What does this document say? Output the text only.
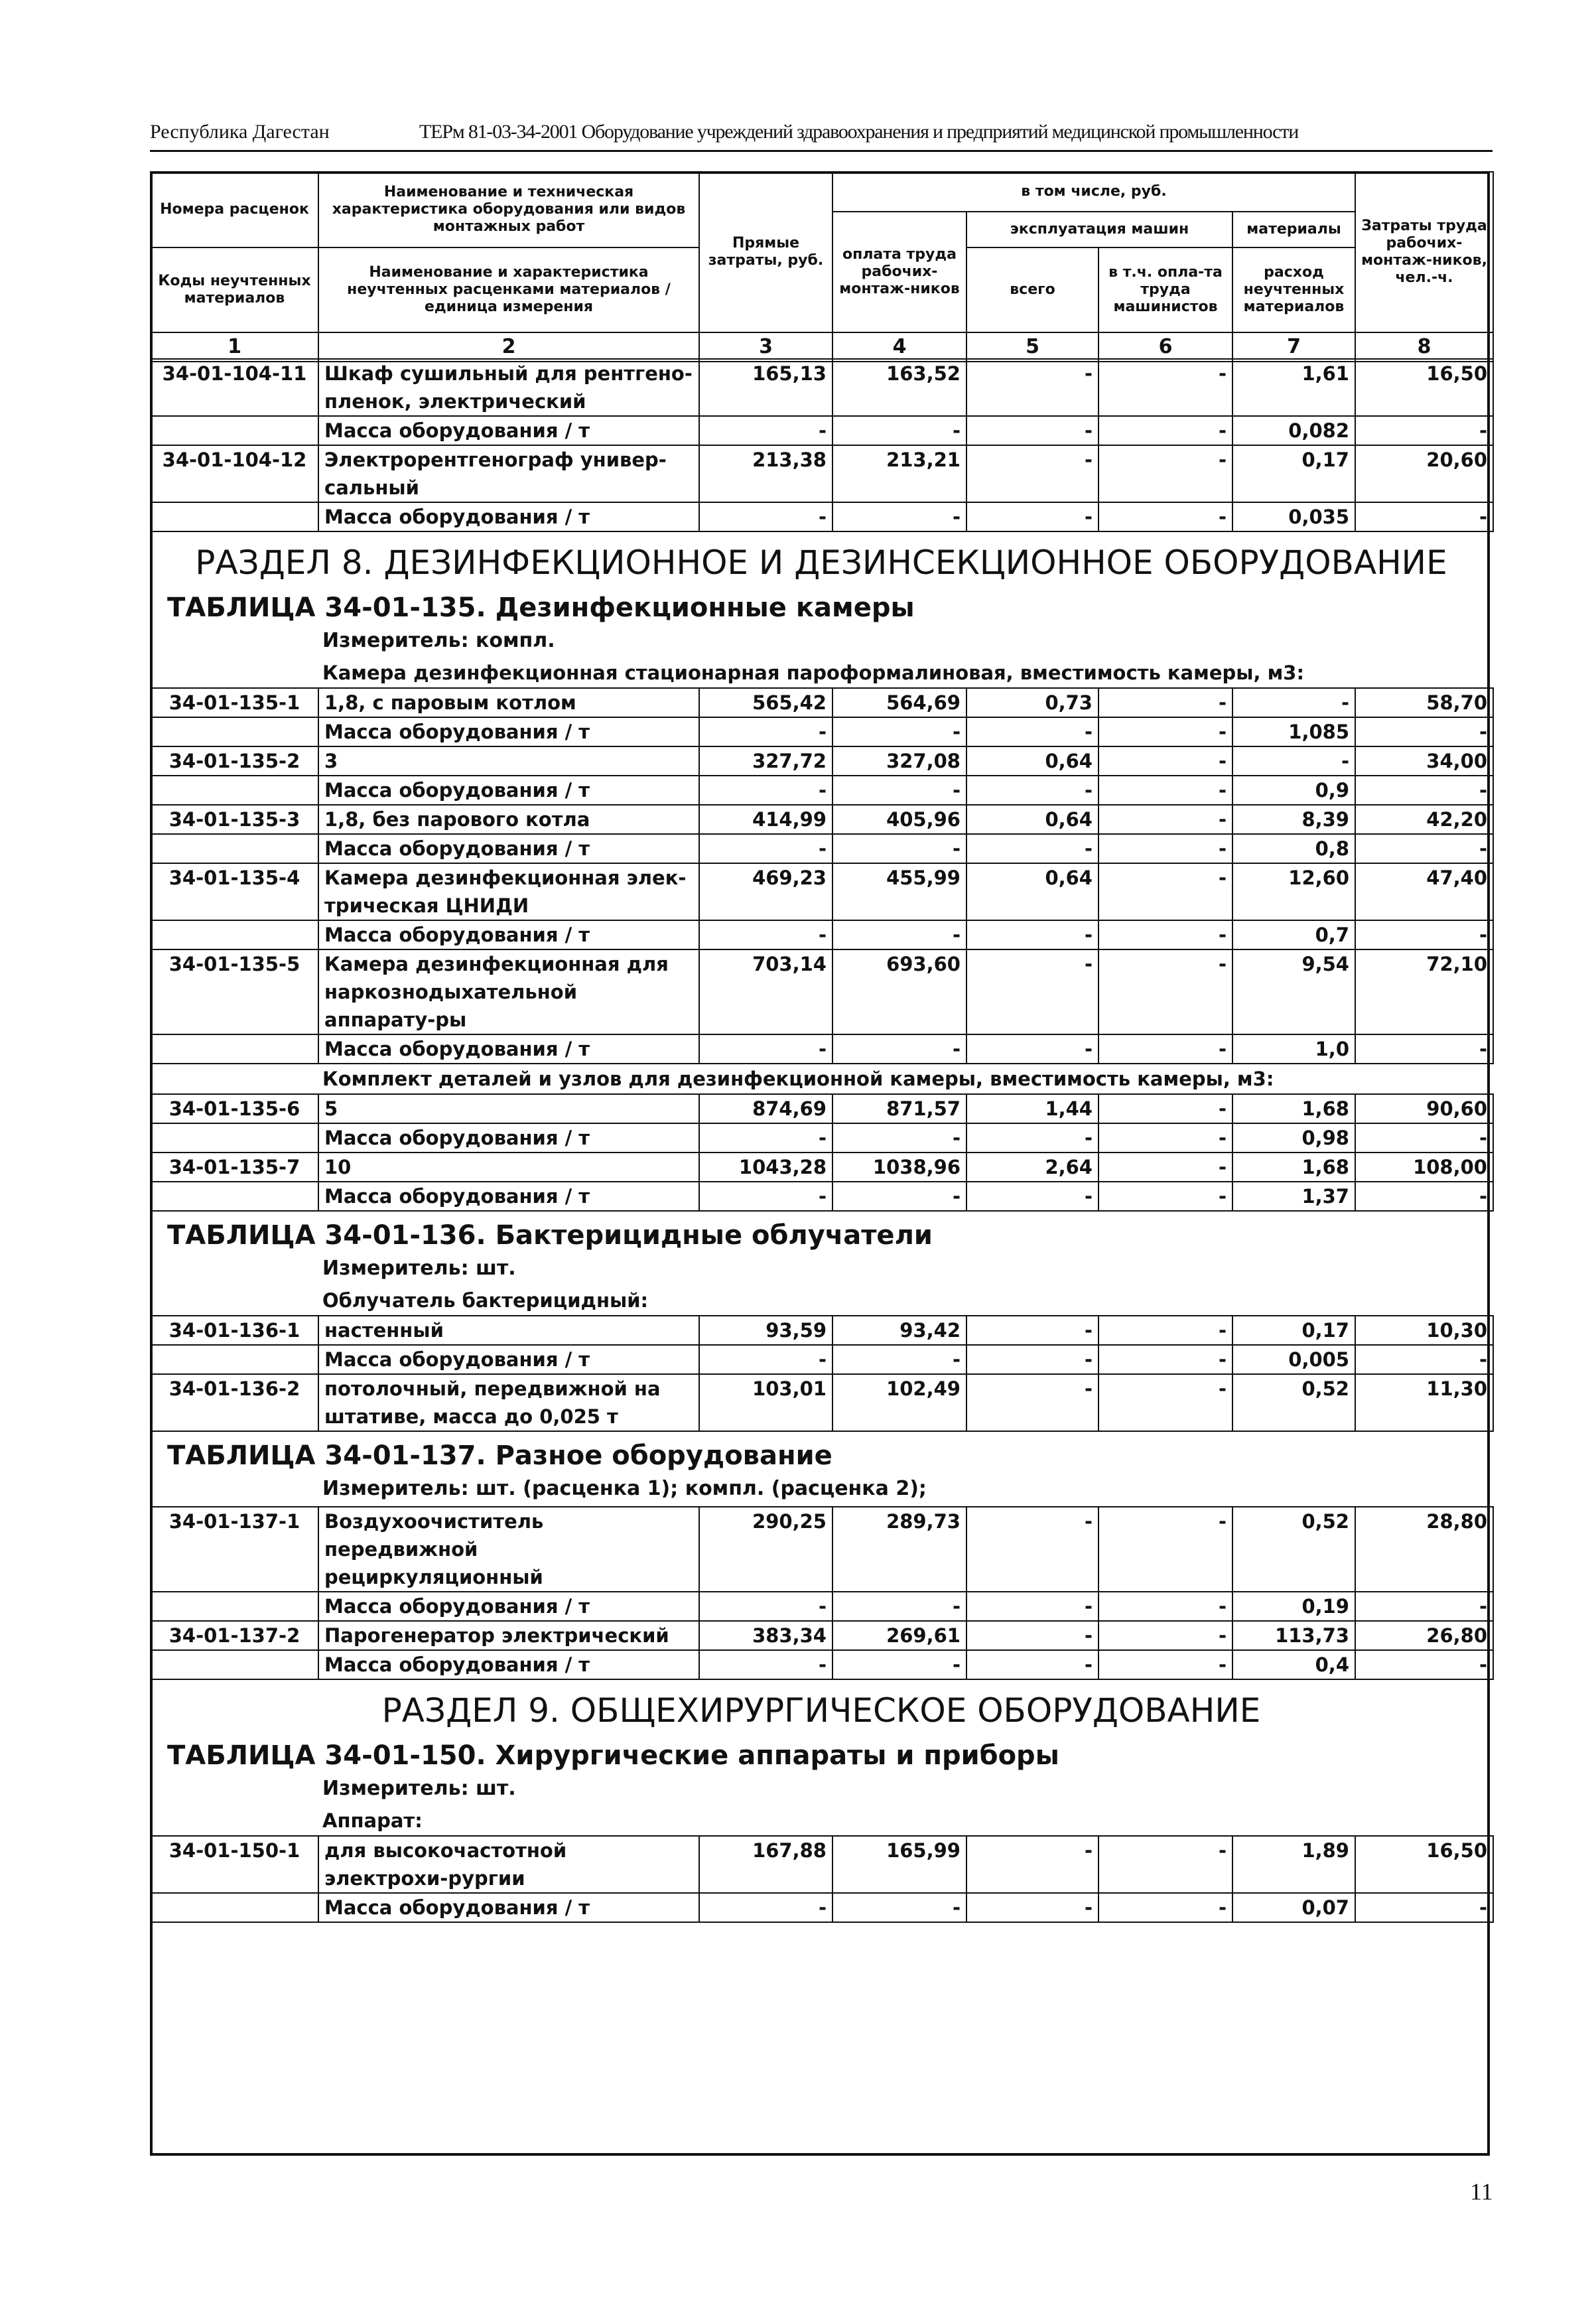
Республика Дагестан	ТЕРм 81-03-34-2001 Оборудование учреждений здравоохранения и предприятий медицинской промышленности
Номера расценок	Наименование и техническая характеристика оборудования или видов монтажных работ	Прямые затраты, руб.	в том числе, руб.				Затраты труда рабочих-монтаж-ников, чел.-ч.
			оплата труда рабочих-монтаж-ников	эксплуатация машин		материалы	
Коды неучтенных материалов	Наименование и характеристика неучтенных расценками материалов / единица измерения			всего	в т.ч. опла-та труда машинистов	расход неучтенных материалов	

1	2	3	4	5	6	7	8
34-01-104-11	Шкаф сушильный для рентгено-пленок, электрический	165,13	163,52	-	-	1,61	16,50
	Масса оборудования / т	-	-	-	-	0,082	-
34-01-104-12	Электрорентгенограф универ-сальный	213,38	213,21	-	-	0,17	20,60
	Масса оборудования / т	-	-	-	-	0,035	-
РАЗДЕЛ 8. ДЕЗИНФЕКЦИОННОЕ И ДЕЗИНСЕКЦИОННОЕ ОБОРУДОВАНИЕ
ТАБЛИЦА 34-01-135. Дезинфекционные камеры
Измеритель: компл.
Камера дезинфекционная стационарная пароформалиновая, вместимость камеры, м3:
34-01-135-1	1,8, с паровым котлом	565,42	564,69	0,73	-	-	58,70
	Масса оборудования / т	-	-	-	-	1,085	-
34-01-135-2	3	327,72	327,08	0,64	-	-	34,00
	Масса оборудования / т	-	-	-	-	0,9	-
34-01-135-3	1,8, без парового котла	414,99	405,96	0,64	-	8,39	42,20
	Масса оборудования / т	-	-	-	-	0,8	-
34-01-135-4	Камера дезинфекционная элек-трическая ЦНИДИ	469,23	455,99	0,64	-	12,60	47,40
	Масса оборудования / т	-	-	-	-	0,7	-
34-01-135-5	Камера дезинфекционная для наркознодыхательной аппарату-ры	703,14	693,60	-	-	9,54	72,10
	Масса оборудования / т	-	-	-	-	1,0	-
Комплект деталей и узлов для дезинфекционной камеры, вместимость камеры, м3:
34-01-135-6	5	874,69	871,57	1,44	-	1,68	90,60
	Масса оборудования / т	-	-	-	-	0,98	-
34-01-135-7	10	1043,28	1038,96	2,64	-	1,68	108,00
	Масса оборудования / т	-	-	-	-	1,37	-
ТАБЛИЦА 34-01-136. Бактерицидные облучатели
Измеритель: шт.
Облучатель бактерицидный:
34-01-136-1	настенный	93,59	93,42	-	-	0,17	10,30
	Масса оборудования / т	-	-	-	-	0,005	-
34-01-136-2	потолочный, передвижной на штативе, масса до 0,025 т	103,01	102,49	-	-	0,52	11,30
ТАБЛИЦА 34-01-137. Разное оборудование
Измеритель: шт. (расценка 1); компл. (расценка 2);
34-01-137-1	Воздухоочиститель передвижной рециркуляционный	290,25	289,73	-	-	0,52	28,80
	Масса оборудования / т	-	-	-	-	0,19	-
34-01-137-2	Парогенератор электрический	383,34	269,61	-	-	113,73	26,80
	Масса оборудования / т	-	-	-	-	0,4	-
РАЗДЕЛ 9. ОБЩЕХИРУРГИЧЕСКОЕ ОБОРУДОВАНИЕ
ТАБЛИЦА 34-01-150. Хирургические аппараты и приборы
Измеритель: шт.
Аппарат:
34-01-150-1	для высокочастотной электрохи-рургии	167,88	165,99	-	-	1,89	16,50
	Масса оборудования / т	-	-	-	-	0,07	-
11
